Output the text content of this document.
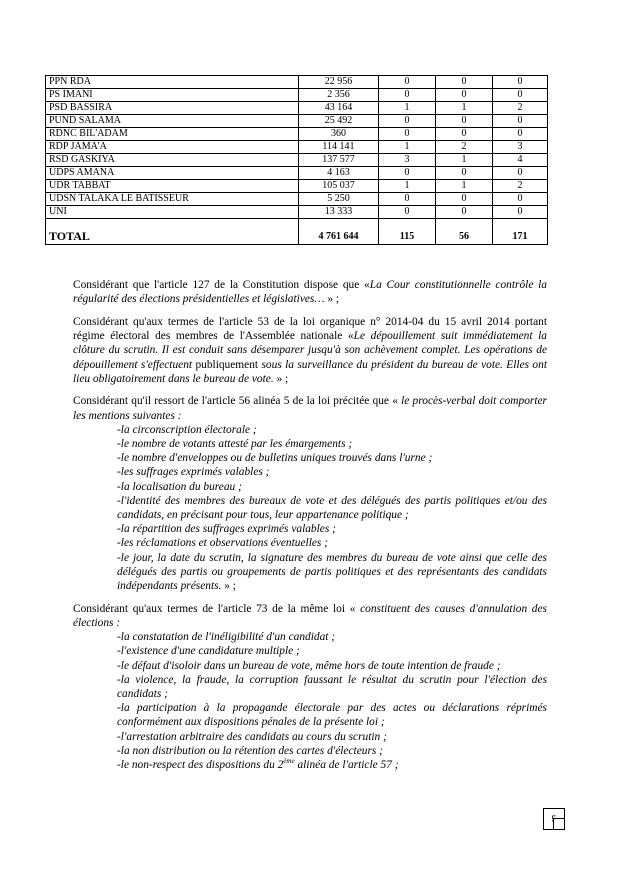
PPN RDA	22 956	0	0	0
PS IMANI	2 356	0	0	0
PSD BASSIRA	43 164	1	1	2
PUND SALAMA	25 492	0	0	0
RDNC BIL'ADAM	360	0	0	0
RDP JAMA'A	114 141	1	2	3
RSD GASKIYA	137 577	3	1	4
UDPS AMANA	4 163	0	0	0
UDR TABBAT	105 037	1	1	2
UDSN TALAKA LE BATISSEUR	5 250	0	0	0
UNI	13 333	0	0	0
TOTAL	4 761 644	115	56	171

Considérant que l'article 127 de la Constitution dispose que «La Cour constitutionnelle contrôle la régularité des élections présidentielles et législatives… » ;

Considérant qu'aux termes de l'article 53 de la loi organique n° 2014-04 du 15 avril 2014 portant régime électoral des membres de l'Assemblée nationale «Le dépouillement suit immédiatement la clôture du scrutin. Il est conduit sans désemparer jusqu'à son achèvement complet. Les opérations de dépouillement s'effectuent publiquement sous la surveillance du président du bureau de vote. Elles ont lieu obligatoirement dans le bureau de vote. » ;

Considérant qu'il ressort de l'article 56 alinéa 5 de la loi précitée que « le procès-verbal doit comporter les mentions suivantes :

-la circonscription électorale ;
-le nombre de votants attesté par les émargements ;
-le nombre d'enveloppes ou de bulletins uniques trouvés dans l'urne ;
-les suffrages exprimés valables ;
-la localisation du bureau ;
-l'identité des membres des bureaux de vote et des délégués des partis politiques et/ou des candidats, en précisant pour tous, leur appartenance politique ;
-la répartition des suffrages exprimés valables ;
-les réclamations et observations éventuelles ;
-le jour, la date du scrutin, la signature des membres du bureau de vote ainsi que celle des délégués des partis ou groupements de partis politiques et des représentants des candidats indépendants présents. » ;

Considérant qu'aux termes de l'article 73 de la même loi « constituent des causes d'annulation des élections :

-la constatation de l'inéligibilité d'un candidat ;
-l'existence d'une candidature multiple ;
-le défaut d'isoloir dans un bureau de vote, même hors de toute intention de fraude ;
-la violence, la fraude, la corruption faussant le résultat du scrutin pour l'élection des candidats ;
-la participation à la propagande électorale par des actes ou déclarations réprimés conformément aux dispositions pénales de la présente loi ;
-l'arrestation arbitraire des candidats au cours du scrutin ;
-la non distribution ou la rétention des cartes d'électeurs ;
-le non-respect des dispositions du 2ème alinéa de l'article 57 ;
